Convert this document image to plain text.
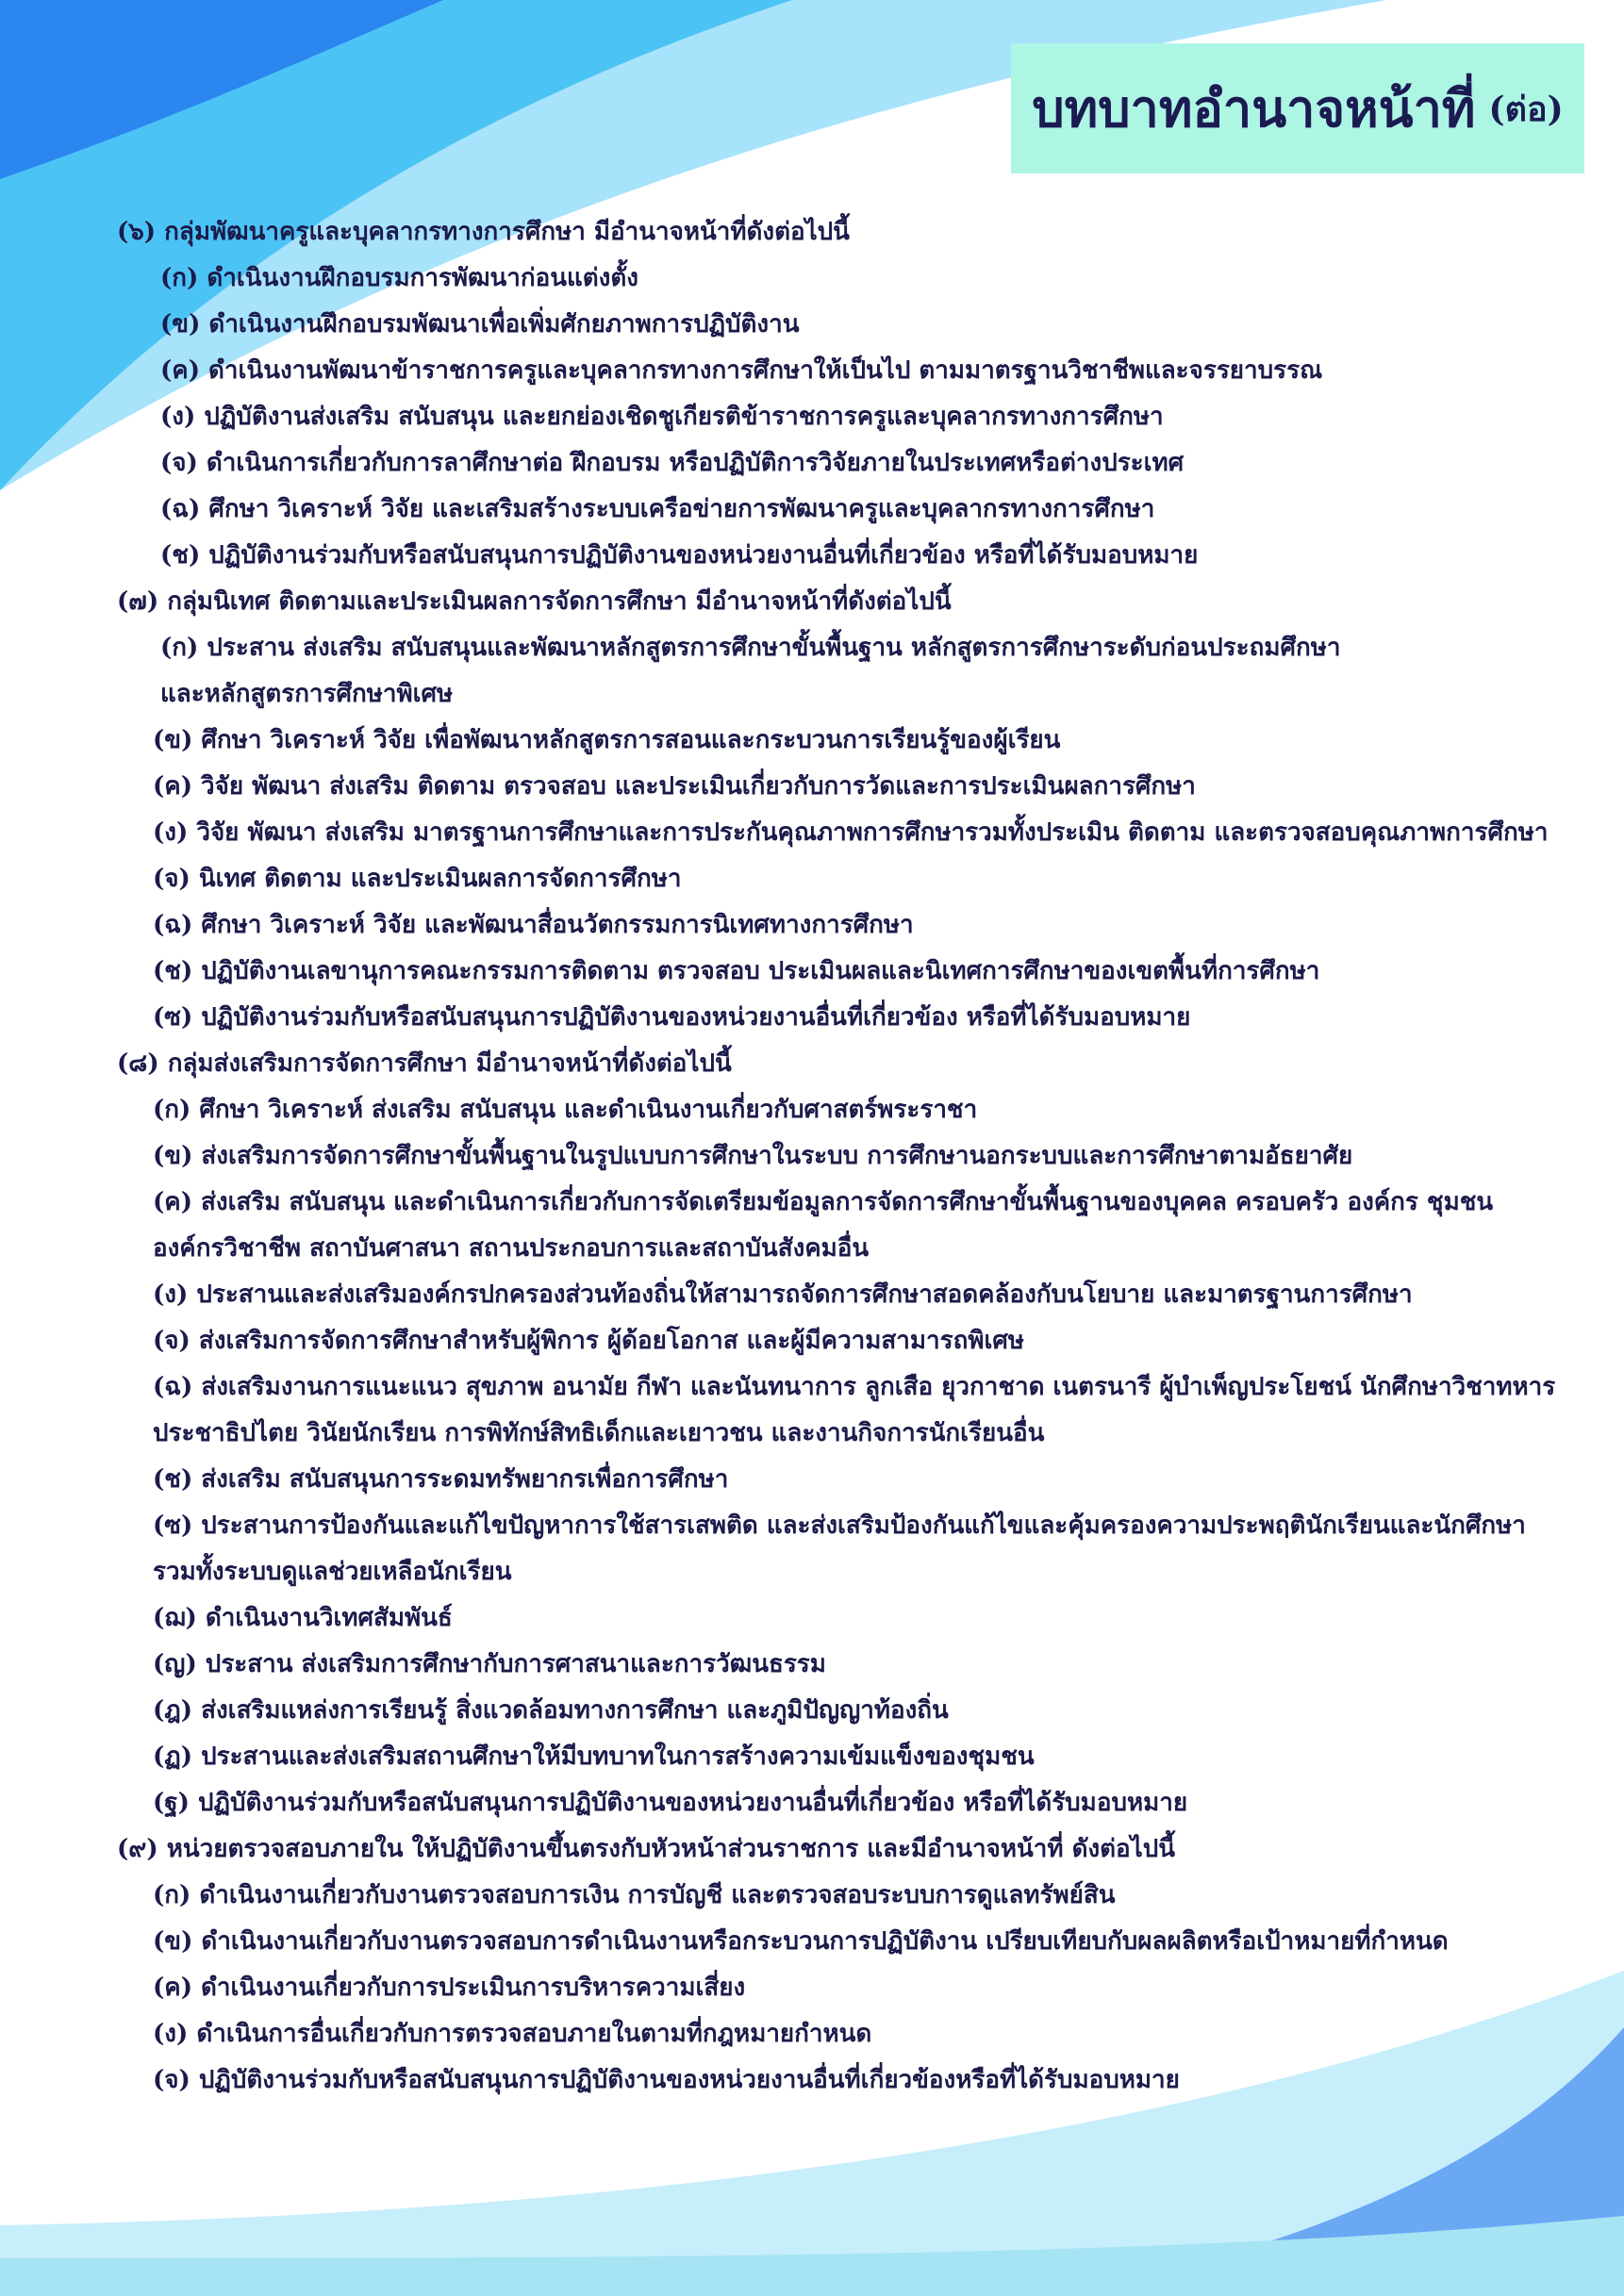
บทบาทอำนาจหน้าที่ (ต่อ)
(๖) กลุ่มพัฒนาครูและบุคลากรทางการศึกษา มีอำนาจหน้าที่ดังต่อไปนี้
(ก) ดำเนินงานฝึกอบรมการพัฒนาก่อนแต่งตั้ง
(ข) ดำเนินงานฝึกอบรมพัฒนาเพื่อเพิ่มศักยภาพการปฏิบัติงาน
(ค) ดำเนินงานพัฒนาข้าราชการครูและบุคลากรทางการศึกษาให้เป็นไป ตามมาตรฐานวิชาชีพและจรรยาบรรณ
(ง) ปฏิบัติงานส่งเสริม สนับสนุน และยกย่องเชิดชูเกียรติข้าราชการครูและบุคลากรทางการศึกษา
(จ) ดำเนินการเกี่ยวกับการลาศึกษาต่อ ฝึกอบรม หรือปฏิบัติการวิจัยภายในประเทศหรือต่างประเทศ
(ฉ) ศึกษา วิเคราะห์ วิจัย และเสริมสร้างระบบเครือข่ายการพัฒนาครูและบุคลากรทางการศึกษา
(ช) ปฏิบัติงานร่วมกับหรือสนับสนุนการปฏิบัติงานของหน่วยงานอื่นที่เกี่ยวข้อง หรือที่ได้รับมอบหมาย
(๗) กลุ่มนิเทศ ติดตามและประเมินผลการจัดการศึกษา มีอำนาจหน้าที่ดังต่อไปนี้
(ก) ประสาน ส่งเสริม สนับสนุนและพัฒนาหลักสูตรการศึกษาขั้นพื้นฐาน หลักสูตรการศึกษาระดับก่อนประถมศึกษา
และหลักสูตรการศึกษาพิเศษ
(ข) ศึกษา วิเคราะห์ วิจัย เพื่อพัฒนาหลักสูตรการสอนและกระบวนการเรียนรู้ของผู้เรียน
(ค) วิจัย พัฒนา ส่งเสริม ติดตาม ตรวจสอบ และประเมินเกี่ยวกับการวัดและการประเมินผลการศึกษา
(ง) วิจัย พัฒนา ส่งเสริม มาตรฐานการศึกษาและการประกันคุณภาพการศึกษารวมทั้งประเมิน ติดตาม และตรวจสอบคุณภาพการศึกษา
(จ) นิเทศ ติดตาม และประเมินผลการจัดการศึกษา
(ฉ) ศึกษา วิเคราะห์ วิจัย และพัฒนาสื่อนวัตกรรมการนิเทศทางการศึกษา
(ช) ปฏิบัติงานเลขานุการคณะกรรมการติดตาม ตรวจสอบ ประเมินผลและนิเทศการศึกษาของเขตพื้นที่การศึกษา
(ซ) ปฏิบัติงานร่วมกับหรือสนับสนุนการปฏิบัติงานของหน่วยงานอื่นที่เกี่ยวข้อง หรือที่ได้รับมอบหมาย
(๘) กลุ่มส่งเสริมการจัดการศึกษา มีอำนาจหน้าที่ดังต่อไปนี้
(ก) ศึกษา วิเคราะห์ ส่งเสริม สนับสนุน และดำเนินงานเกี่ยวกับศาสตร์พระราชา
(ข) ส่งเสริมการจัดการศึกษาขั้นพื้นฐานในรูปแบบการศึกษาในระบบ การศึกษานอกระบบและการศึกษาตามอัธยาศัย
(ค) ส่งเสริม สนับสนุน และดำเนินการเกี่ยวกับการจัดเตรียมข้อมูลการจัดการศึกษาขั้นพื้นฐานของบุคคล ครอบครัว องค์กร ชุมชน
องค์กรวิชาชีพ สถาบันศาสนา สถานประกอบการและสถาบันสังคมอื่น
(ง) ประสานและส่งเสริมองค์กรปกครองส่วนท้องถิ่นให้สามารถจัดการศึกษาสอดคล้องกับนโยบาย และมาตรฐานการศึกษา
(จ) ส่งเสริมการจัดการศึกษาสำหรับผู้พิการ ผู้ด้อยโอกาส และผู้มีความสามารถพิเศษ
(ฉ) ส่งเสริมงานการแนะแนว สุขภาพ อนามัย กีฬา และนันทนาการ ลูกเสือ ยุวกาชาด เนตรนารี ผู้บำเพ็ญประโยชน์ นักศึกษาวิชาทหาร
ประชาธิปไตย วินัยนักเรียน การพิทักษ์สิทธิเด็กและเยาวชน และงานกิจการนักเรียนอื่น
(ช) ส่งเสริม สนับสนุนการระดมทรัพยากรเพื่อการศึกษา
(ซ) ประสานการป้องกันและแก้ไขปัญหาการใช้สารเสพติด และส่งเสริมป้องกันแก้ไขและคุ้มครองความประพฤตินักเรียนและนักศึกษา
รวมทั้งระบบดูแลช่วยเหลือนักเรียน
(ฌ) ดำเนินงานวิเทศสัมพันธ์
(ญ) ประสาน ส่งเสริมการศึกษากับการศาสนาและการวัฒนธรรม
(ฎ) ส่งเสริมแหล่งการเรียนรู้ สิ่งแวดล้อมทางการศึกษา และภูมิปัญญาท้องถิ่น
(ฏ) ประสานและส่งเสริมสถานศึกษาให้มีบทบาทในการสร้างความเข้มแข็งของชุมชน
(ฐ) ปฏิบัติงานร่วมกับหรือสนับสนุนการปฏิบัติงานของหน่วยงานอื่นที่เกี่ยวข้อง หรือที่ได้รับมอบหมาย
(๙) หน่วยตรวจสอบภายใน ให้ปฏิบัติงานขึ้นตรงกับหัวหน้าส่วนราชการ และมีอำนาจหน้าที่ ดังต่อไปนี้
(ก) ดำเนินงานเกี่ยวกับงานตรวจสอบการเงิน การบัญชี และตรวจสอบระบบการดูแลทรัพย์สิน
(ข) ดำเนินงานเกี่ยวกับงานตรวจสอบการดำเนินงานหรือกระบวนการปฏิบัติงาน เปรียบเทียบกับผลผลิตหรือเป้าหมายที่กำหนด
(ค) ดำเนินงานเกี่ยวกับการประเมินการบริหารความเสี่ยง
(ง) ดำเนินการอื่นเกี่ยวกับการตรวจสอบภายในตามที่กฎหมายกำหนด
(จ) ปฏิบัติงานร่วมกับหรือสนับสนุนการปฏิบัติงานของหน่วยงานอื่นที่เกี่ยวข้องหรือที่ได้รับมอบหมาย
